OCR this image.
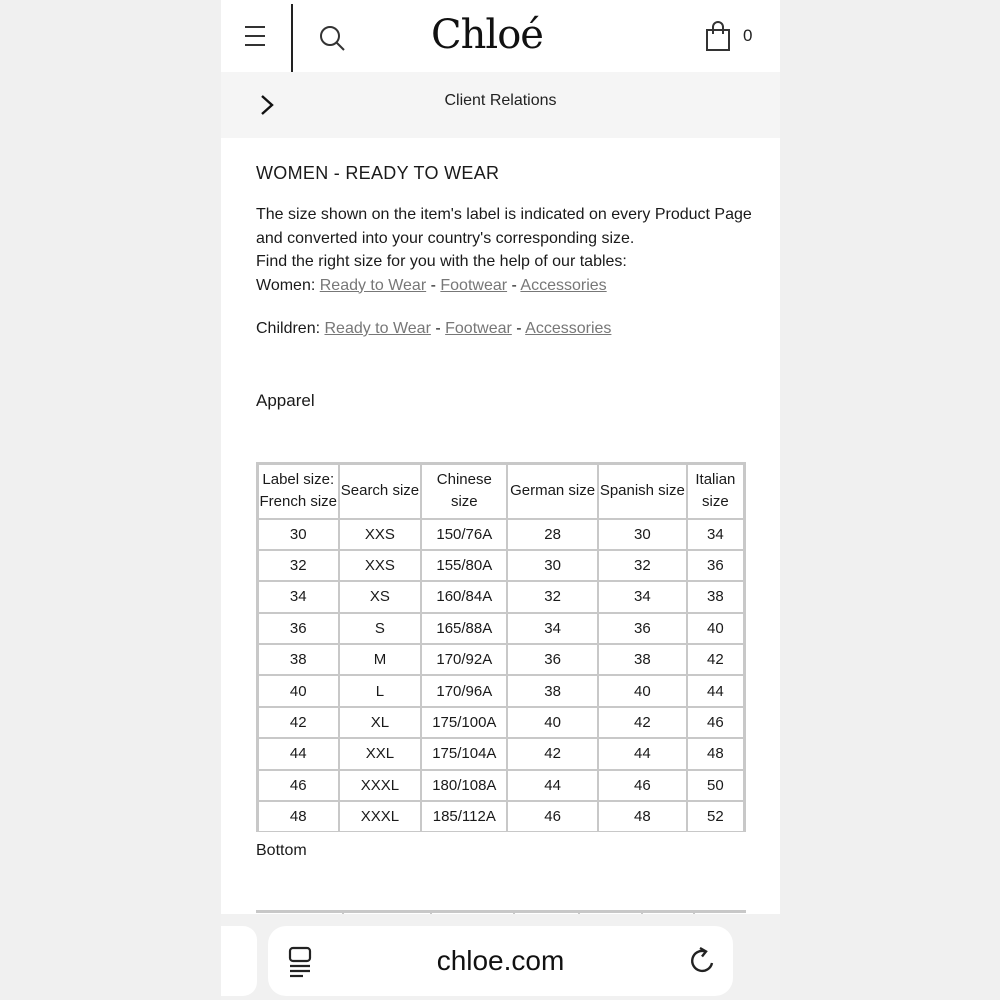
Chloé	0
Client Relations
WOMEN - READY TO WEAR

The size shown on the item's label is indicated on every Product Page

and converted into your country's corresponding size.

Find the right size for you with the help of our tables:

Women: Ready to Wear - Footwear - Accessories

Children: Ready to Wear - Footwear - Accessories
Apparel
Label size: French size	Search size	Chinese size	German size	Spanish size	Italian size
30	XXS	150/76A	28	30	34
32	XXS	155/80A	30	32	36
34	XS	160/84A	32	34	38
36	S	165/88A	34	36	40
38	M	170/92A	36	38	42
40	L	170/96A	38	40	44
42	XL	175/100A	40	42	46
44	XXL	175/104A	42	44	48
46	XXXL	180/108A	44	46	50
48	XXXL	185/112A	46	48	52
Bottom
chloe.com
